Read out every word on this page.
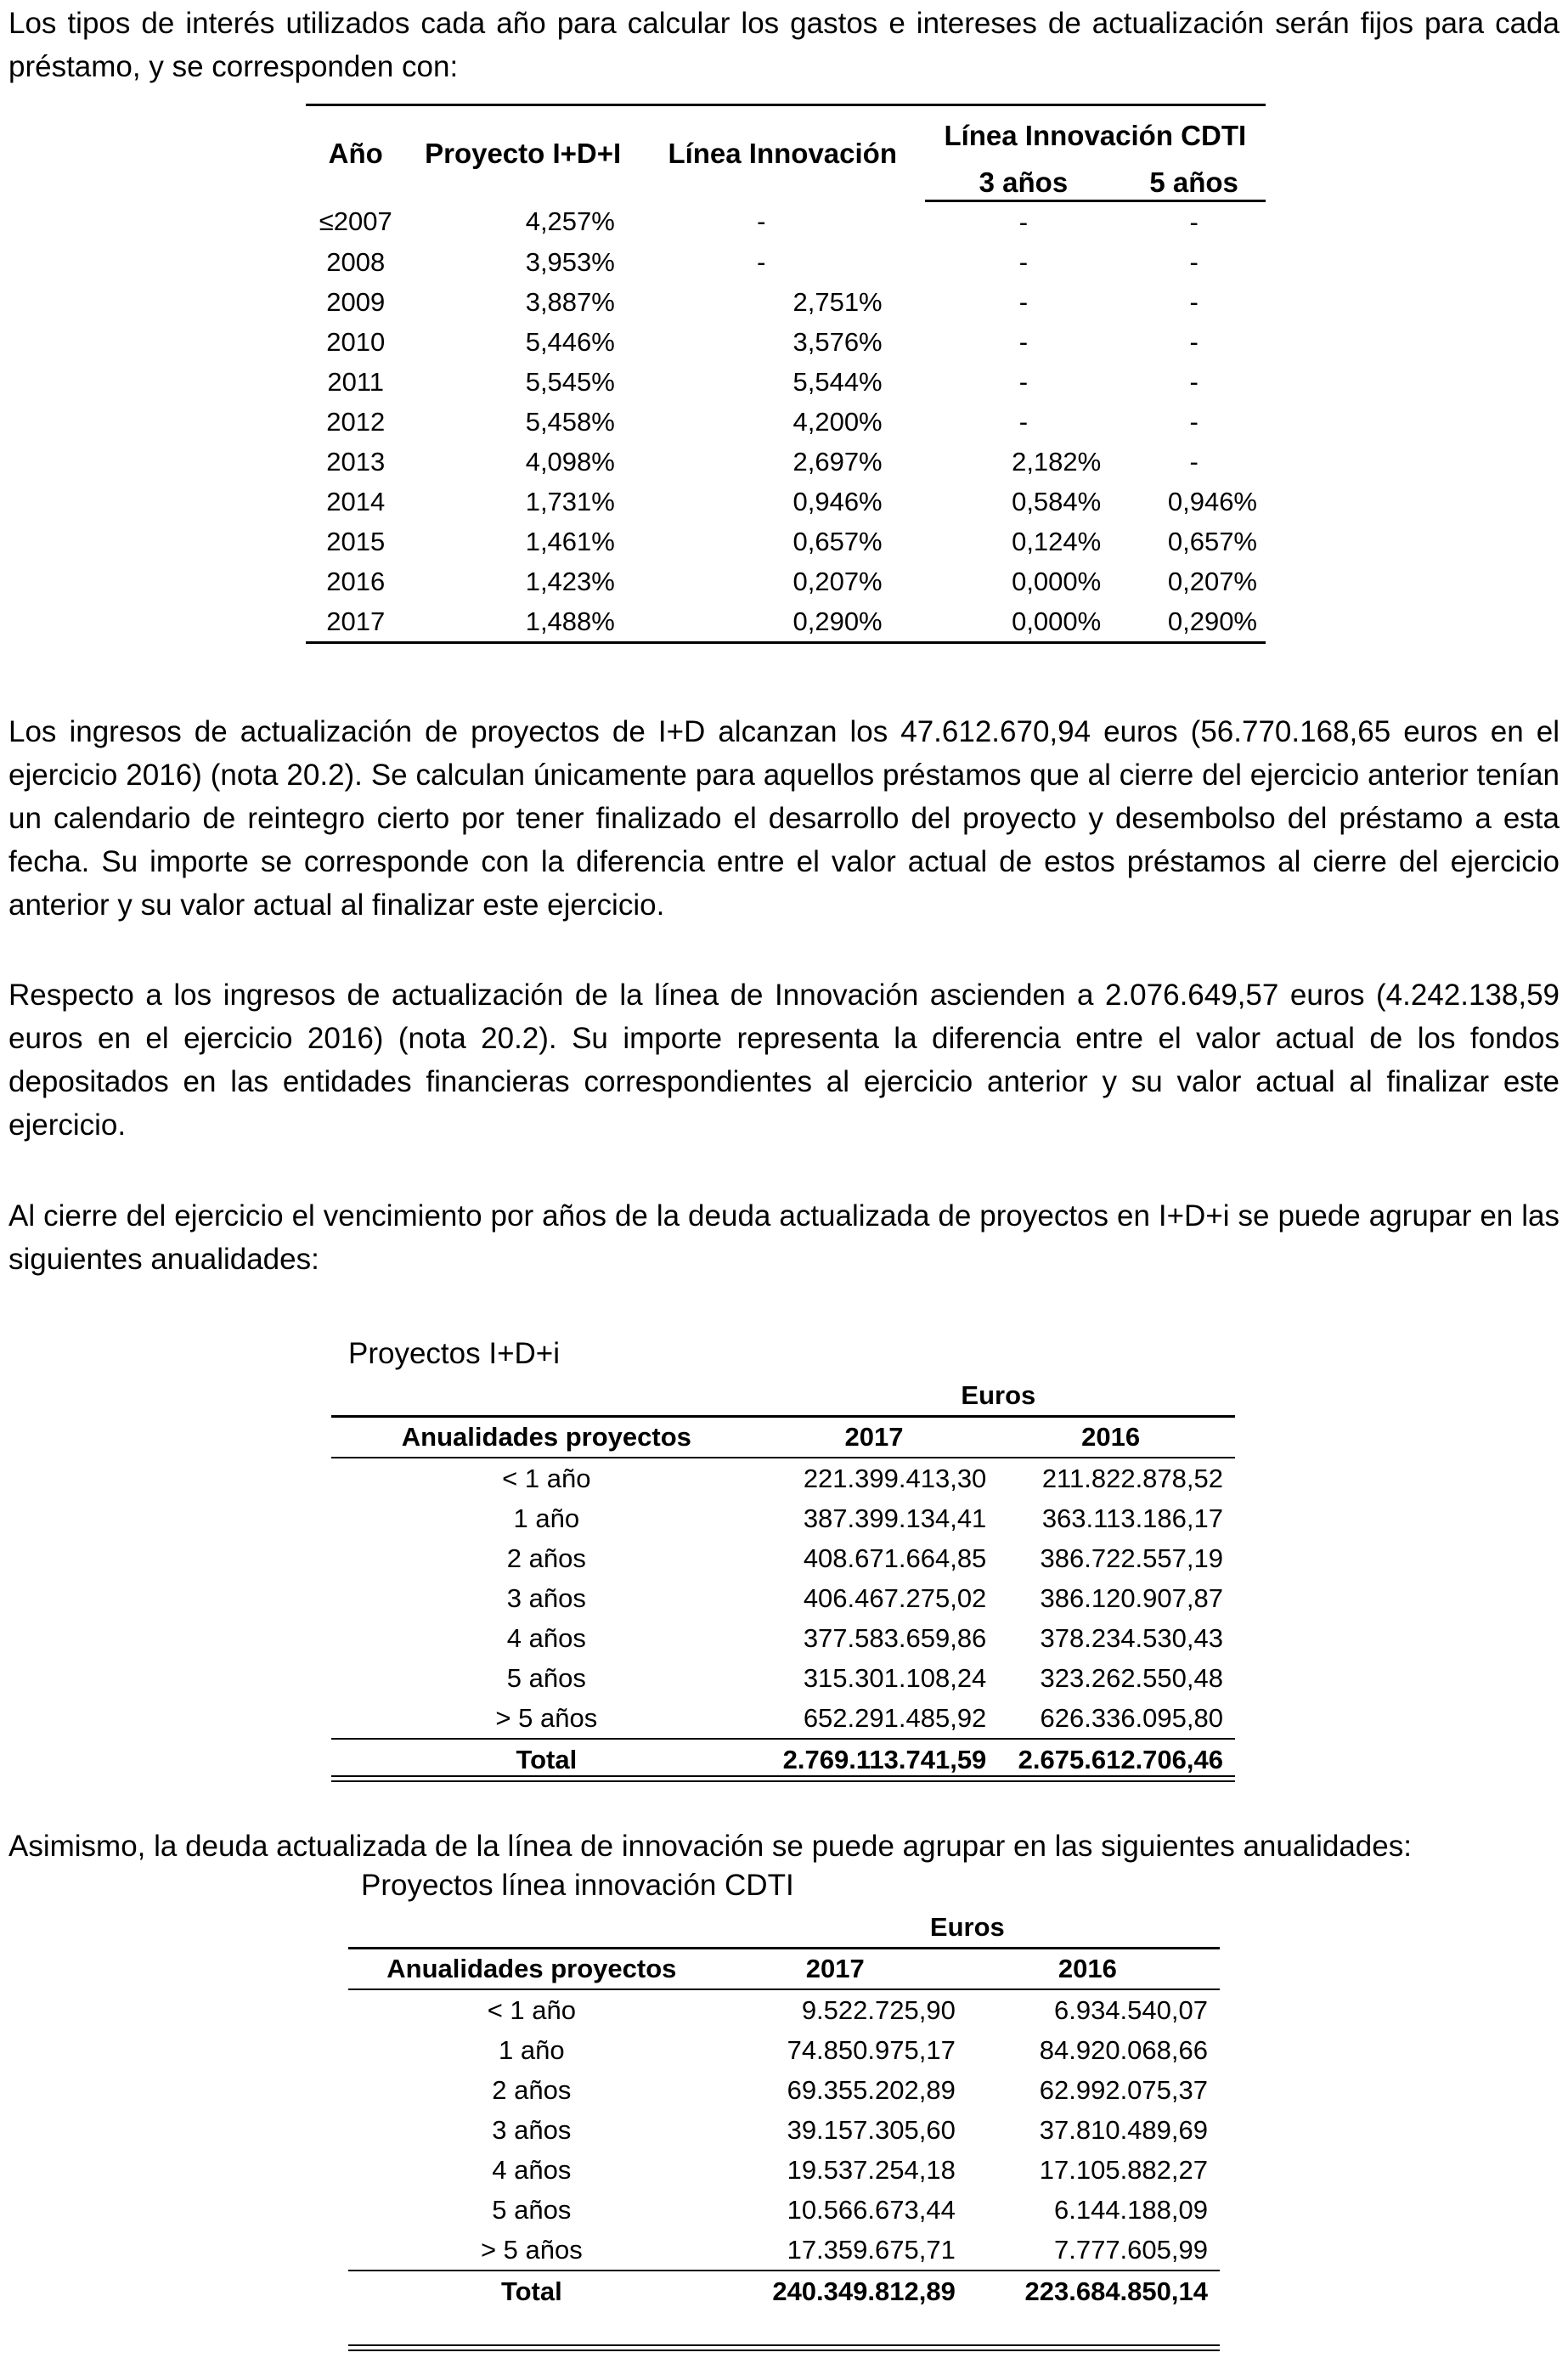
Los tipos de interés utilizados cada año para calcular los gastos e intereses de actualización serán fijos para cada préstamo, y se corresponden con:

Año	Proyecto I+D+I	Línea Innovación	Línea Innovación CDTI	
			3 años	5 años
≤2007	4,257%	-	-	-
2008	3,953%	-	-	-
2009	3,887%	2,751%	-	-
2010	5,446%	3,576%	-	-
2011	5,545%	5,544%	-	-
2012	5,458%	4,200%	-	-
2013	4,098%	2,697%	2,182%	-
2014	1,731%	0,946%	0,584%	0,946%
2015	1,461%	0,657%	0,124%	0,657%
2016	1,423%	0,207%	0,000%	0,207%
2017	1,488%	0,290%	0,000%	0,290%

Los ingresos de actualización de proyectos de I+D alcanzan los 47.612.670,94 euros (56.770.168,65 euros en el ejercicio 2016) (nota 20.2). Se calculan únicamente para aquellos préstamos que al cierre del ejercicio anterior tenían un calendario de reintegro cierto por tener finalizado el desarrollo del proyecto y desembolso del préstamo a esta fecha. Su importe se corresponde con la diferencia entre el valor actual de estos préstamos al cierre del ejercicio anterior y su valor actual al finalizar este ejercicio.

Respecto a los ingresos de actualización de la línea de Innovación ascienden a 2.076.649,57 euros (4.242.138,59 euros en el ejercicio 2016) (nota 20.2). Su importe representa la diferencia entre el valor actual de los fondos depositados en las entidades financieras correspondientes al ejercicio anterior y su valor actual al finalizar este ejercicio.

Al cierre del ejercicio el vencimiento por años de la deuda actualizada de proyectos en I+D+i se puede agrupar en las siguientes anualidades:

Proyectos I+D+i
	Euros	
Anualidades proyectos	2017	2016
< 1 año	221.399.413,30	211.822.878,52
1 año	387.399.134,41	363.113.186,17
2 años	408.671.664,85	386.722.557,19
3 años	406.467.275,02	386.120.907,87
4 años	377.583.659,86	378.234.530,43
5 años	315.301.108,24	323.262.550,48
> 5 años	652.291.485,92	626.336.095,80
Total	2.769.113.741,59	2.675.612.706,46

Asimismo, la deuda actualizada de la línea de innovación se puede agrupar en las siguientes anualidades:

Proyectos línea innovación CDTI
	Euros	
Anualidades proyectos	2017	2016
< 1 año	9.522.725,90	6.934.540,07
1 año	74.850.975,17	84.920.068,66
2 años	69.355.202,89	62.992.075,37
3 años	39.157.305,60	37.810.489,69
4 años	19.537.254,18	17.105.882,27
5 años	10.566.673,44	6.144.188,09
> 5 años	17.359.675,71	7.777.605,99
Total	240.349.812,89	223.684.850,14
